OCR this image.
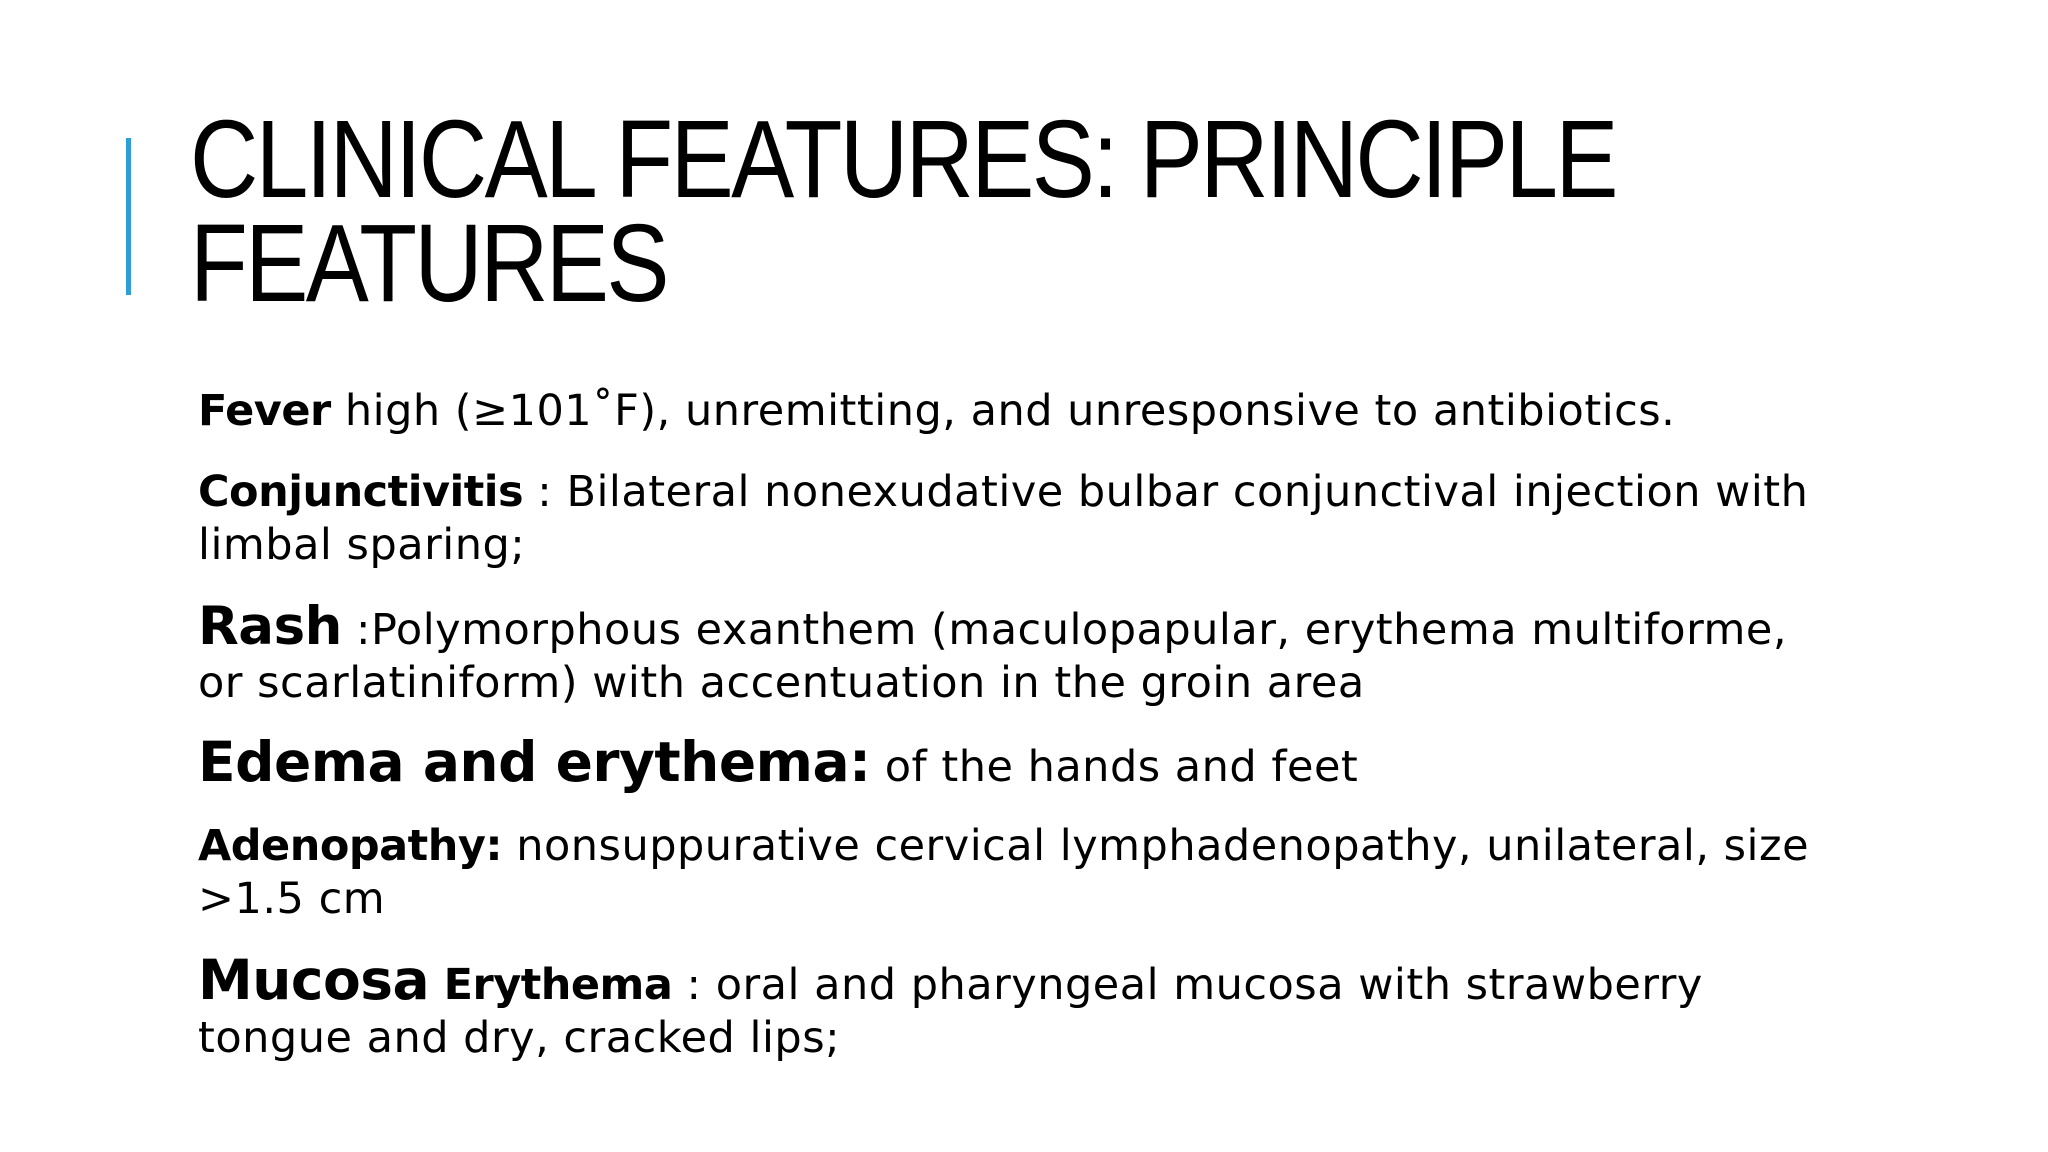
CLINICAL FEATURES: PRINCIPLE
FEATURES
Fever high (≥101˚F), unremitting, and unresponsive to antibiotics.
Conjunctivitis : Bilateral nonexudative bulbar conjunctival injection with limbal sparing;
Rash :Polymorphous exanthem (maculopapular, erythema multiforme, or scarlatiniform) with accentuation in the groin area
Edema and erythema: of the hands and feet
Adenopathy: nonsuppurative cervical lymphadenopathy, unilateral, size >1.5 cm
Mucosa Erythema : oral and pharyngeal mucosa with strawberry tongue and dry, cracked lips;
